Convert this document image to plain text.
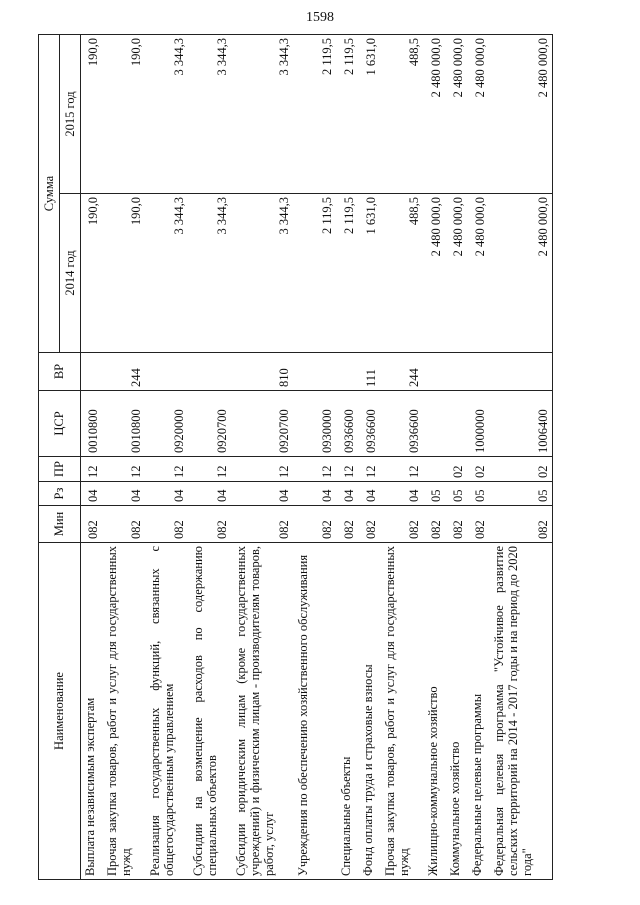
1598
Наименование	Мин	Рз	ПР	ЦСР	ВР	Сумма	
						2014 год	2015 год
Выплата независимым экспертам	082	04	12	0010800		190,0	190,0
Прочая закупка товаров, работ и услуг для государственных нужд	082	04	12	0010800	244	190,0	190,0
Реализация государственных функций, связанных с общегосударственным управлением	082	04	12	0920000		3 344,3	3 344,3
Субсидии на возмещение расходов по содержанию специальных объектов	082	04	12	0920700		3 344,3	3 344,3
Субсидии юридическим лицам (кроме государственных учреждений) и физическим лицам - производителям товаров, работ, услуг	082	04	12	0920700	810	3 344,3	3 344,3
Учреждения по обеспечению хозяйственного обслуживания	082	04	12	0930000		2 119,5	2 119,5
Специальные объекты	082	04	12	0936600		2 119,5	2 119,5
Фонд оплаты труда и страховые взносы	082	04	12	0936600	111	1 631,0	1 631,0
Прочая закупка товаров, работ и услуг для государственных нужд	082	04	12	0936600	244	488,5	488,5
Жилищно-коммунальное хозяйство	082	05				2 480 000,0	2 480 000,0
Коммунальное хозяйство	082	05	02			2 480 000,0	2 480 000,0
Федеральные целевые программы	082	05	02	1000000		2 480 000,0	2 480 000,0
Федеральная целевая программа "Устойчивое развитие сельских территорий на 2014 - 2017 годы и на период до 2020 года"	082	05	02	1006400		2 480 000,0	2 480 000,0
